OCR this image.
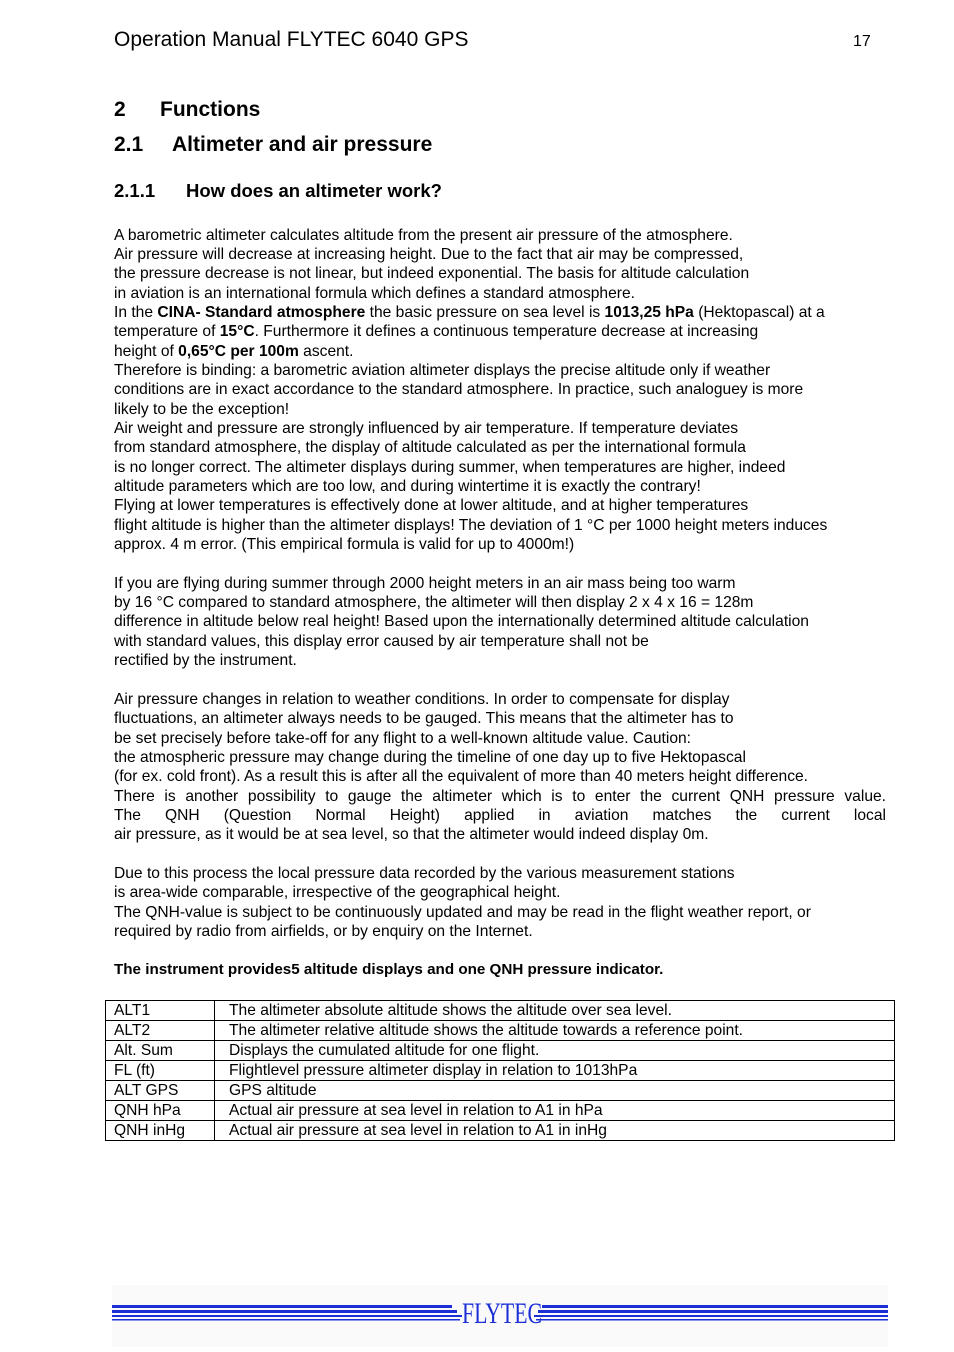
Operation Manual FLYTEC 6040 GPS	17
2 Functions
2.1 Altimeter and air pressure
2.1.1 How does an altimeter work?
A barometric altimeter calculates altitude from the present air pressure of the atmosphere.
Air pressure will decrease at increasing height. Due to the fact that air may be compressed,
the pressure decrease is not linear, but indeed exponential. The basis for altitude calculation
in aviation is an international formula which defines a standard atmosphere.
In the CINA- Standard atmosphere the basic pressure on sea level is 1013,25 hPa (Hektopascal) at a
temperature of 15°C. Furthermore it defines a continuous temperature decrease at increasing
height of 0,65°C per 100m ascent.
Therefore is binding: a barometric aviation altimeter displays the precise altitude only if weather
conditions are in exact accordance to the standard atmosphere. In practice, such analoguey is more
likely to be the exception!
Air weight and pressure are strongly influenced by air temperature. If temperature deviates
from standard atmosphere, the display of altitude calculated as per the international formula
is no longer correct. The altimeter displays during summer, when temperatures are higher, indeed
altitude parameters which are too low, and during wintertime it is exactly the contrary!
Flying at lower temperatures is effectively done at lower altitude, and at higher temperatures
flight altitude is higher than the altimeter displays! The deviation of 1 °C per 1000 height meters induces
approx. 4 m error. (This empirical formula is valid for up to 4000m!)
If you are flying during summer through 2000 height meters in an air mass being too warm
by 16 °C compared to standard atmosphere, the altimeter will then display 2 x 4 x 16 = 128m
difference in altitude below real height! Based upon the internationally determined altitude calculation
with standard values, this display error caused by air temperature shall not be
rectified by the instrument.
Air pressure changes in relation to weather conditions. In order to compensate for display
fluctuations, an altimeter always needs to be gauged. This means that the altimeter has to
be set precisely before take-off for any flight to a well-known altitude value. Caution:
the atmospheric pressure may change during the timeline of one day up to five Hektopascal
(for ex. cold front). As a result this is after all the equivalent of more than 40 meters height difference.
There is another possibility to gauge the altimeter which is to enter the current QNH pressure value.
The QNH (Question Normal Height) applied in aviation matches the current local
air pressure, as it would be at sea level, so that the altimeter would indeed display 0m.
Due to this process the local pressure data recorded by the various measurement stations
is area-wide comparable, irrespective of the geographical height.
The QNH-value is subject to be continuously updated and may be read in the flight weather report, or
required by radio from airfields, or by enquiry on the Internet.
The instrument provides5 altitude displays and one QNH pressure indicator.
ALT1	The altimeter absolute altitude shows the altitude over sea level.
ALT2	The altimeter relative altitude shows the altitude towards a reference point.
Alt. Sum	Displays the cumulated altitude for one flight.
FL (ft)	Flightlevel pressure altimeter display in relation to 1013hPa
ALT GPS	GPS altitude
QNH hPa	Actual air pressure at sea level in relation to A1 in hPa
QNH inHg	Actual air pressure at sea level in relation to A1 in inHg
FLYTEC
